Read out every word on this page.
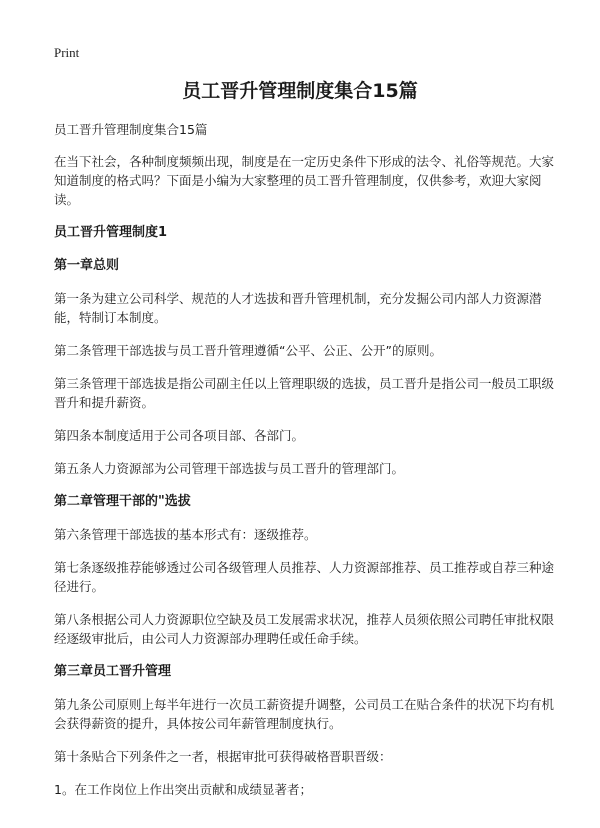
Print
员工晋升管理制度集合15篇

员工晋升管理制度集合15篇

在当下社会，各种制度频频出现，制度是在一定历史条件下形成的法令、礼俗等规范。大家知道制度的格式吗？下面是小编为大家整理的员工晋升管理制度，仅供参考，欢迎大家阅读。

员工晋升管理制度1
第一章总则

第一条为建立公司科学、规范的人才选拔和晋升管理机制，充分发掘公司内部人力资源潜能，特制订本制度。

第二条管理干部选拔与员工晋升管理遵循“公平、公正、公开”的原则。

第三条管理干部选拔是指公司副主任以上管理职级的选拔，员工晋升是指公司一般员工职级晋升和提升薪资。

第四条本制度适用于公司各项目部、各部门。

第五条人力资源部为公司管理干部选拔与员工晋升的管理部门。

第二章管理干部的"选拔

第六条管理干部选拔的基本形式有：逐级推荐。

第七条逐级推荐能够透过公司各级管理人员推荐、人力资源部推荐、员工推荐或自荐三种途径进行。

第八条根据公司人力资源职位空缺及员工发展需求状况，推荐人员须依照公司聘任审批权限经逐级审批后，由公司人力资源部办理聘任或任命手续。

第三章员工晋升管理

第九条公司原则上每半年进行一次员工薪资提升调整，公司员工在贴合条件的状况下均有机会获得薪资的提升，具体按公司年薪管理制度执行。

第十条贴合下列条件之一者，根据审批可获得破格晋职晋级：

1。在工作岗位上作出突出贡献和成绩显著者；
